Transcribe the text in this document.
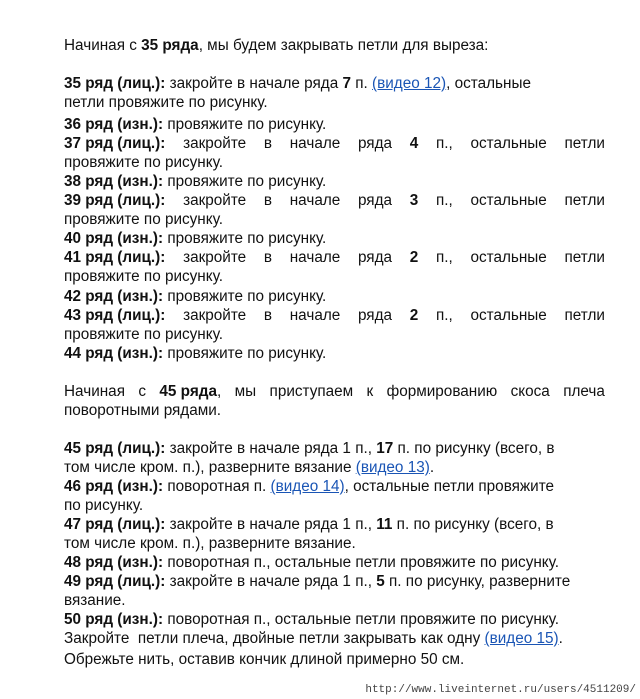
Начиная с 35 ряда, мы будем закрывать петли для выреза:
35 ряд (лиц.): закройте в начале ряда 7 п. (видео 12), остальные
петли провяжите по рисунку.
36 ряд (изн.): провяжите по рисунку.
37 ряд (лиц.): закройте в начале ряда 4 п., остальные петли
провяжите по рисунку.
38 ряд (изн.): провяжите по рисунку.
39 ряд (лиц.): закройте в начале ряда 3 п., остальные петли
провяжите по рисунку.
40 ряд (изн.): провяжите по рисунку.
41 ряд (лиц.): закройте в начале ряда 2 п., остальные петли
провяжите по рисунку.
42 ряд (изн.): провяжите по рисунку.
43 ряд (лиц.): закройте в начале ряда 2 п., остальные петли
провяжите по рисунку.
44 ряд (изн.): провяжите по рисунку.
Начиная с 45 ряда, мы приступаем к формированию скоса плеча
поворотными рядами.
45 ряд (лиц.): закройте в начале ряда 1 п., 17 п. по рисунку (всего, в
том числе кром. п.), разверните вязание (видео 13).
46 ряд (изн.): поворотная п. (видео 14), остальные петли провяжите
по рисунку.
47 ряд (лиц.): закройте в начале ряда 1 п., 11 п. по рисунку (всего, в
том числе кром. п.), разверните вязание.
48 ряд (изн.): поворотная п., остальные петли провяжите по рисунку.
49 ряд (лиц.): закройте в начале ряда 1 п., 5 п. по рисунку, разверните
вязание.
50 ряд (изн.): поворотная п., остальные петли провяжите по рисунку.
Закройте  петли плеча, двойные петли закрывать как одну (видео 15).
Обрежьте нить, оставив кончик длиной примерно 50 см.
http://www.liveinternet.ru/users/4511209/
